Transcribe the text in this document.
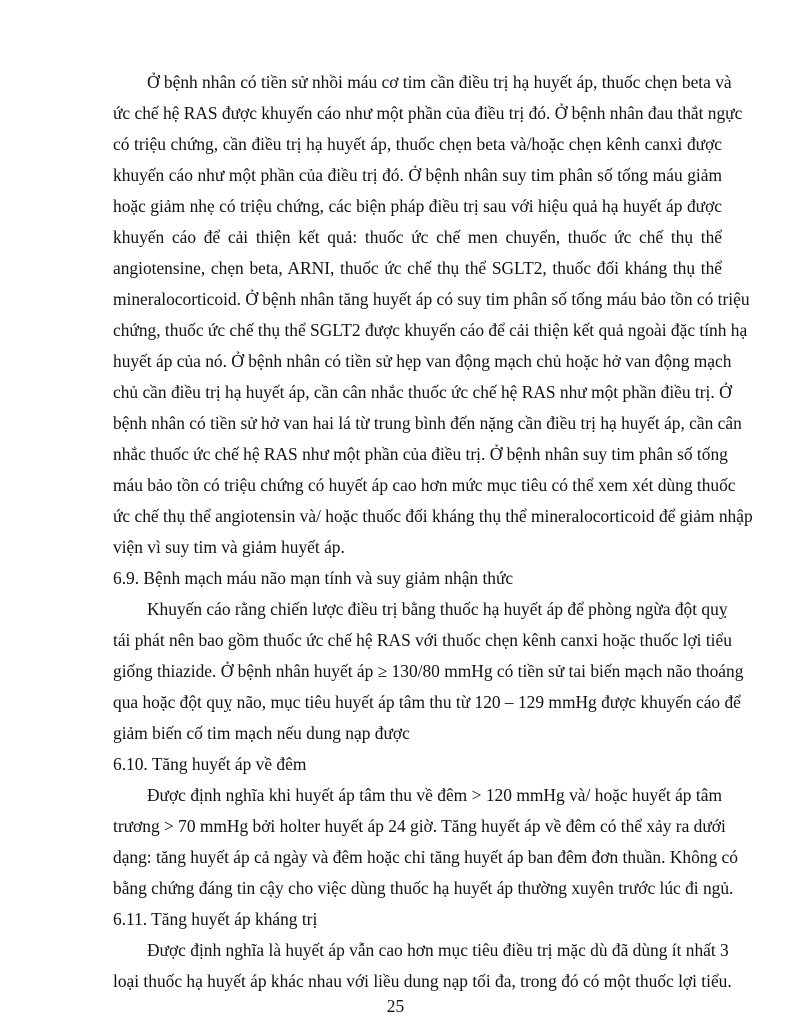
Ở bệnh nhân có tiền sử nhồi máu cơ tim cần điều trị hạ huyết áp, thuốc chẹn beta và
ức chế hệ RAS được khuyến cáo như một phần của điều trị đó. Ở bệnh nhân đau thắt ngực
có triệu chứng, cần điều trị hạ huyết áp, thuốc chẹn beta và/hoặc chẹn kênh canxi được
khuyến cáo như một phần của điều trị đó. Ở bệnh nhân suy tim phân số tống máu giảm
hoặc giảm nhẹ có triệu chứng, các biện pháp điều trị sau với hiệu quả hạ huyết áp được
khuyến cáo để cải thiện kết quả: thuốc ức chế men chuyển, thuốc ức chế thụ thể
angiotensine, chẹn beta, ARNI, thuốc ức chế thụ thể SGLT2, thuốc đối kháng thụ thể
mineralocorticoid. Ở bệnh nhân tăng huyết áp có suy tim phân số tống máu bảo tồn có triệu
chứng, thuốc ức chế thụ thể SGLT2 được khuyến cáo để cải thiện kết quả ngoài đặc tính hạ
huyết áp của nó. Ở bệnh nhân có tiền sử hẹp van động mạch chủ hoặc hở van động mạch
chủ cần điều trị hạ huyết áp, cần cân nhắc thuốc ức chế hệ RAS như một phần điều trị. Ở
bệnh nhân có tiền sử hở van hai lá từ trung bình đến nặng cần điều trị hạ huyết áp, cần cân
nhắc thuốc ức chế hệ RAS như một phần của điều trị. Ở bệnh nhân suy tim phân số tống
máu bảo tồn có triệu chứng có huyết áp cao hơn mức mục tiêu có thể xem xét dùng thuốc
ức chế thụ thể angiotensin và/ hoặc thuốc đối kháng thụ thể mineralocorticoid để giảm nhập
viện vì suy tim và giảm huyết áp.
6.9. Bệnh mạch máu não mạn tính và suy giảm nhận thức
Khuyến cáo rằng chiến lược điều trị bằng thuốc hạ huyết áp để phòng ngừa đột quỵ
tái phát nên bao gồm thuốc ức chế hệ RAS với thuốc chẹn kênh canxi hoặc thuốc lợi tiểu
giống thiazide. Ở bệnh nhân huyết áp ≥ 130/80 mmHg có tiền sử tai biến mạch não thoáng
qua hoặc đột quỵ não, mục tiêu huyết áp tâm thu từ 120 – 129 mmHg được khuyến cáo để
giảm biến cố tim mạch nếu dung nạp được
6.10. Tăng huyết áp về đêm
Được định nghĩa khi huyết áp tâm thu về đêm > 120 mmHg và/ hoặc huyết áp tâm
trương > 70 mmHg bởi holter huyết áp 24 giờ. Tăng huyết áp về đêm có thể xảy ra dưới
dạng: tăng huyết áp cả ngày và đêm hoặc chỉ tăng huyết áp ban đêm đơn thuần. Không có
bằng chứng đáng tin cậy cho việc dùng thuốc hạ huyết áp thường xuyên trước lúc đi ngủ.
6.11. Tăng huyết áp kháng trị
Được định nghĩa là huyết áp vẫn cao hơn mục tiêu điều trị mặc dù đã dùng ít nhất 3
loại thuốc hạ huyết áp khác nhau với liều dung nạp tối đa, trong đó có một thuốc lợi tiểu.
25
